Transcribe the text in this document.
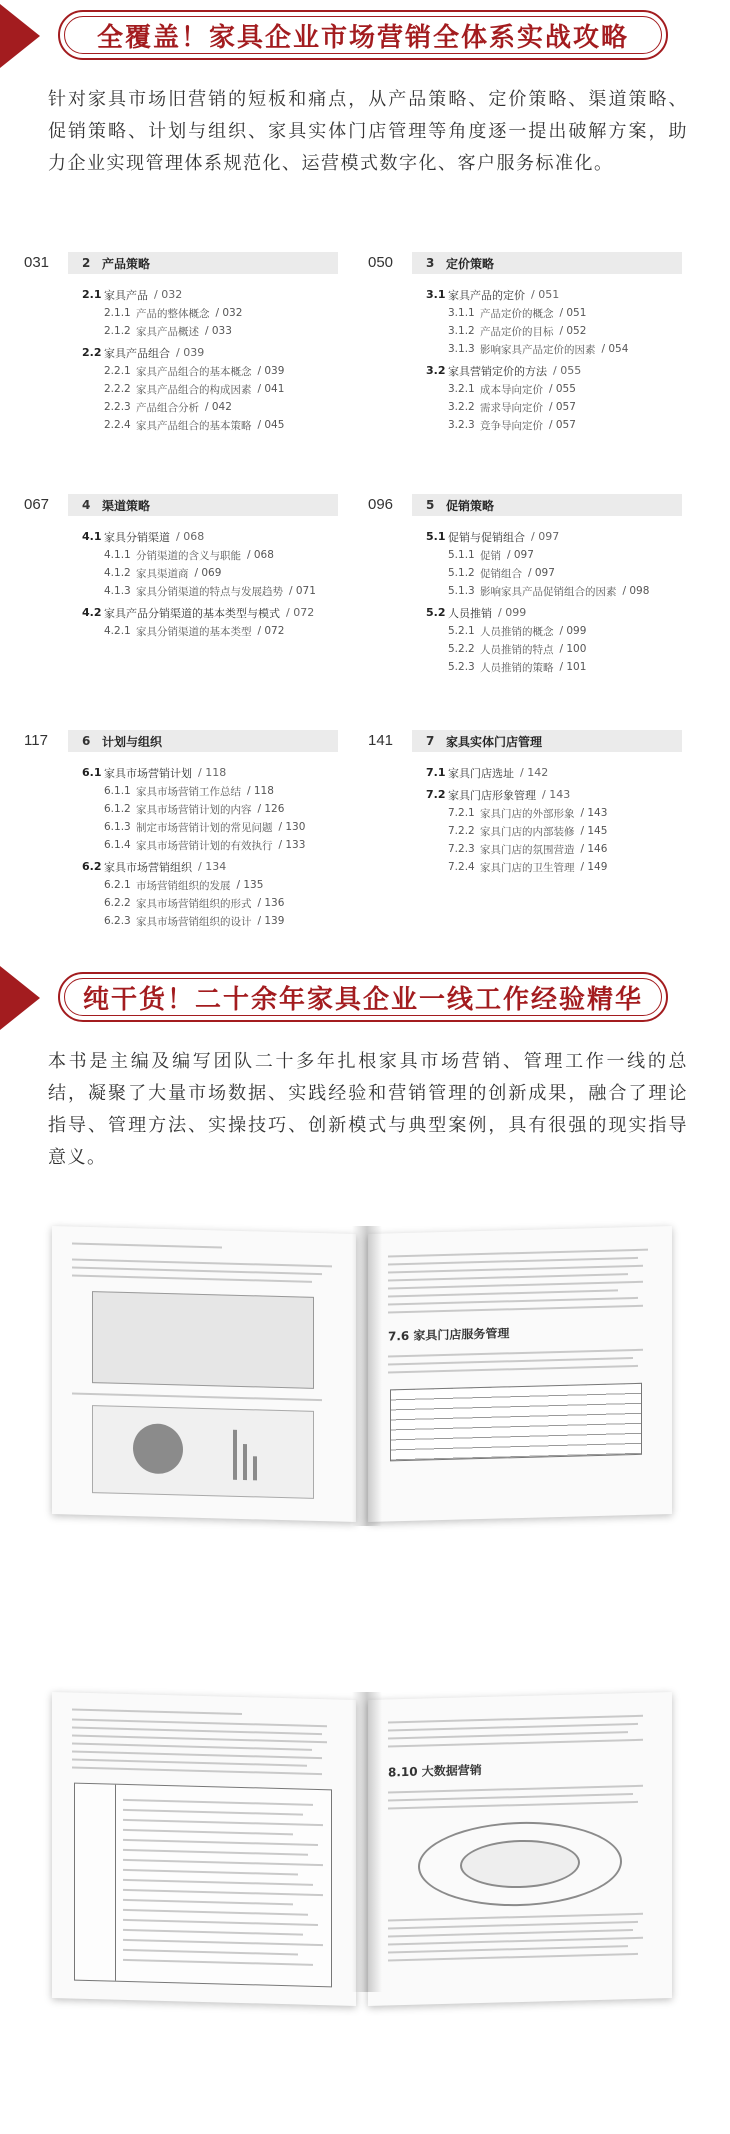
全覆盖！家具企业市场营销全体系实战攻略
针对家具市场旧营销的短板和痛点，从产品策略、定价策略、渠道策略、促销策略、计划与组织、家具实体门店管理等角度逐一提出破解方案，助力企业实现管理体系规范化、运营模式数字化、客户服务标准化。
031	2 产品策略
2.1 家具产品 / 032
2.1.1 产品的整体概念 / 032
2.1.2 家具产品概述 / 033
2.2 家具产品组合 / 039
2.2.1 家具产品组合的基本概念 / 039
2.2.2 家具产品组合的构成因素 / 041
2.2.3 产品组合分析 / 042
2.2.4 家具产品组合的基本策略 / 045
050	3 定价策略
3.1 家具产品的定价 / 051
3.1.1 产品定价的概念 / 051
3.1.2 产品定价的目标 / 052
3.1.3 影响家具产品定价的因素 / 054
3.2 家具营销定价的方法 / 055
3.2.1 成本导向定价 / 055
3.2.2 需求导向定价 / 057
3.2.3 竞争导向定价 / 057
067	4 渠道策略
4.1 家具分销渠道 / 068
4.1.1 分销渠道的含义与职能 / 068
4.1.2 家具渠道商 / 069
4.1.3 家具分销渠道的特点与发展趋势 / 071
4.2 家具产品分销渠道的基本类型与模式 / 072
4.2.1 家具分销渠道的基本类型 / 072
096	5 促销策略
5.1 促销与促销组合 / 097
5.1.1 促销 / 097
5.1.2 促销组合 / 097
5.1.3 影响家具产品促销组合的因素 / 098
5.2 人员推销 / 099
5.2.1 人员推销的概念 / 099
5.2.2 人员推销的特点 / 100
5.2.3 人员推销的策略 / 101
117	6 计划与组织
6.1 家具市场营销计划 / 118
6.1.1 家具市场营销工作总结 / 118
6.1.2 家具市场营销计划的内容 / 126
6.1.3 制定市场营销计划的常见问题 / 130
6.1.4 家具市场营销计划的有效执行 / 133
6.2 家具市场营销组织 / 134
6.2.1 市场营销组织的发展 / 135
6.2.2 家具市场营销组织的形式 / 136
6.2.3 家具市场营销组织的设计 / 139
141	7 家具实体门店管理
7.1 家具门店选址 / 142
7.2 家具门店形象管理 / 143
7.2.1 家具门店的外部形象 / 143
7.2.2 家具门店的内部装修 / 145
7.2.3 家具门店的氛围营造 / 146
7.2.4 家具门店的卫生管理 / 149
纯干货！二十余年家具企业一线工作经验精华
本书是主编及编写团队二十多年扎根家具市场营销、管理工作一线的总结，凝聚了大量市场数据、实践经验和营销管理的创新成果，融合了理论指导、管理方法、实操技巧、创新模式与典型案例，具有很强的现实指导意义。
7.6 家具门店服务管理
8.10 大数据营销
